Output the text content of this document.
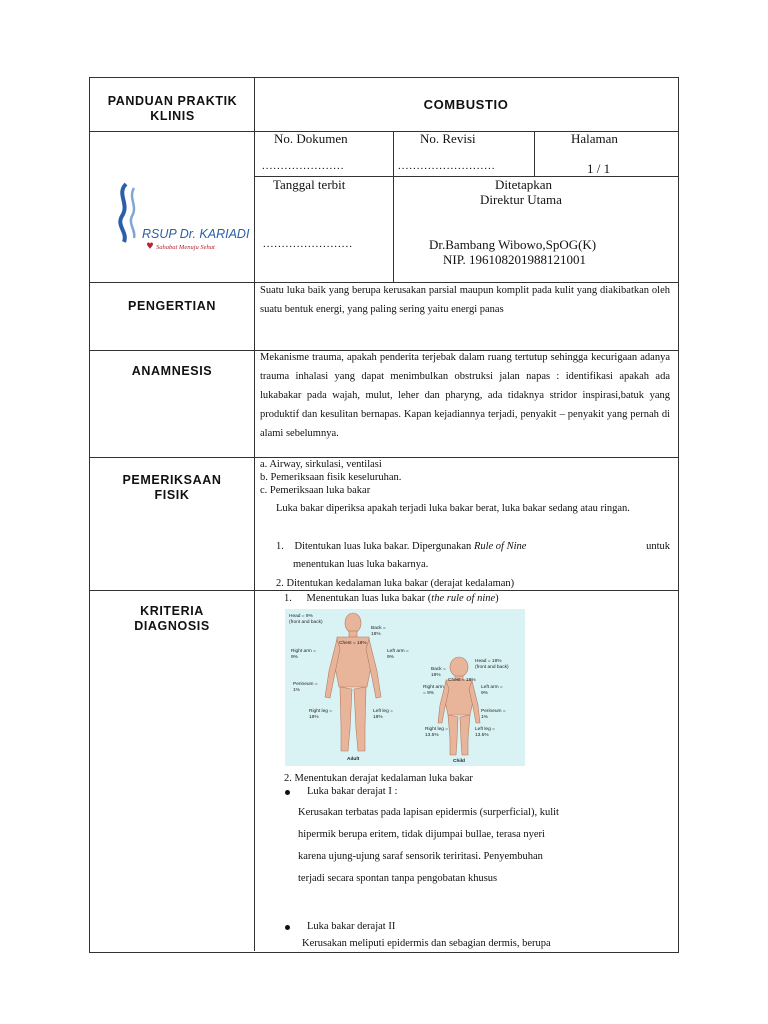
PANDUAN PRAKTIK KLINIS
COMBUSTIO
No. Dokumen
......................
No. Revisi
..........................
Halaman
1 / 1
Tanggal terbit
........................
Ditetapkan
Direktur Utama
Dr.Bambang Wibowo,SpOG(K)
NIP. 196108201988121001
RSUP Dr. KARIADI
Sahabat Menuju Sehat
PENGERTIAN
Suatu luka baik yang berupa kerusakan parsial maupun komplit pada kulit yang diakibatkan oleh suatu bentuk energi, yang paling sering yaitu energi panas
ANAMNESIS
Mekanisme trauma, apakah penderita terjebak dalam ruang tertutup sehingga kecurigaan adanya trauma inhalasi yang dapat menimbulkan obstruksi jalan napas : identifikasi apakah ada lukabakar pada wajah, mulut, leher dan pharyng, ada tidaknya stridor inspirasi,batuk yang produktif dan kesulitan bernapas. Kapan kejadiannya terjadi, penyakit – penyakit yang pernah di alami sebelumnya.
PEMERIKSAAN
FISIK
a. Airway, sirkulasi, ventilasi
b. Pemeriksaan fisik keseluruhan.
c. Pemeriksaan luka bakar
Luka bakar diperiksa apakah terjadi luka bakar berat, luka bakar sedang atau ringan.
1. Ditentukan luas luka bakar. Dipergunakan Rule of Nine	untuk
menentukan luas luka bakarnya.
2. Ditentukan kedalaman luka bakar (derajat kedalaman)
KRITERIA
DIAGNOSIS
1. Menentukan luas luka bakar (the rule of nine)
Head = 9%
(front and back)
Back = 18%
Chest = 18%
Right arm = 9%
Left arm = 9%
Perineum = 1%
Right leg = 18%
Left leg = 18%
Adult
Head = 18%
(front and back)
Back = 18%
Chest = 18%
Right arm = 9%
Left arm = 9%
Perineum = 1%
Right leg = 13.5%
Left leg = 13.5%
Child
2. Menentukan derajat kedalaman luka bakar
Luka bakar derajat I :
Kerusakan terbatas pada lapisan epidermis (surperficial), kulit
hipermik berupa eritem, tidak dijumpai bullae, terasa nyeri
karena ujung-ujung saraf sensorik teriritasi. Penyembuhan
terjadi secara spontan tanpa pengobatan khusus
Luka bakar derajat II
Kerusakan meliputi epidermis dan sebagian dermis, berupa
